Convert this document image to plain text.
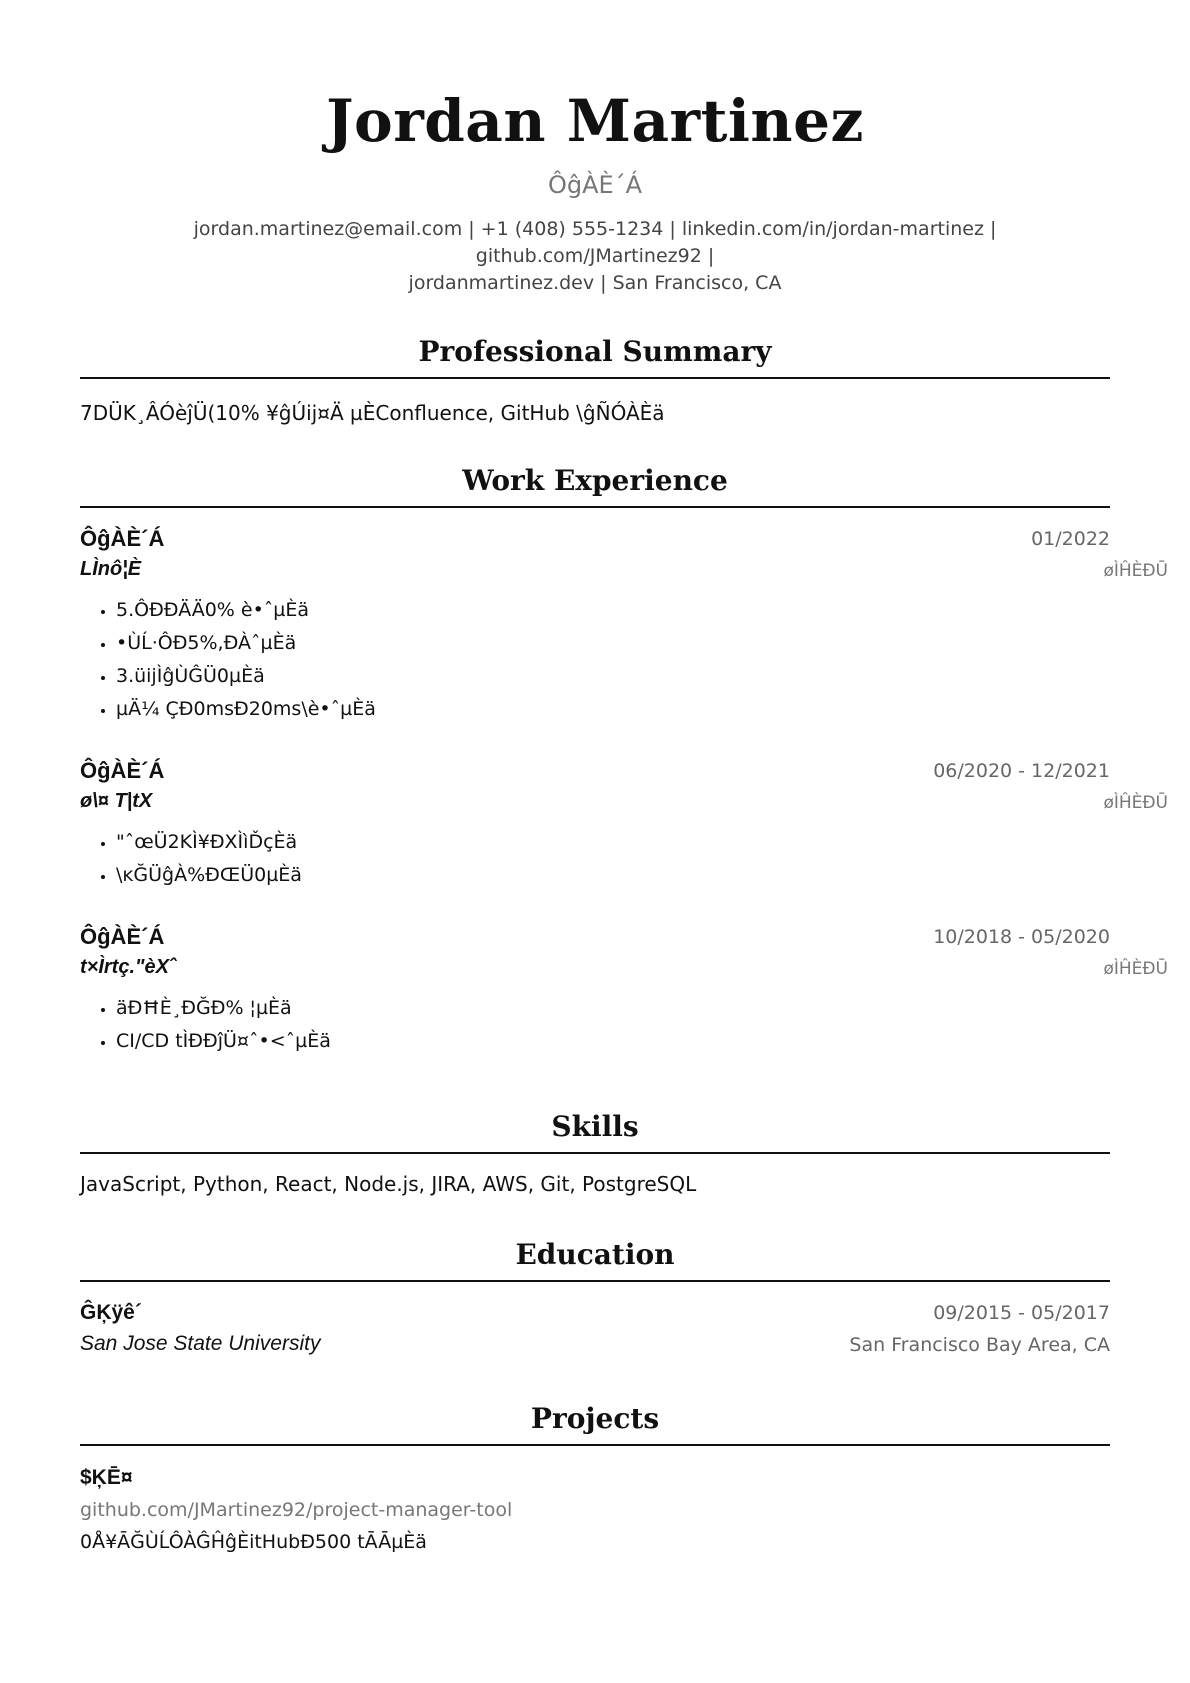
Jordan Martinez
ÔĝÀÈ´Á
jordan.martinez@email.com | +1 (408) 555-1234 | linkedin.com/in/jordan-martinez | github.com/JMartinez92 |
jordanmartinez.dev | San Francisco, CA
Professional Summary
7DÜK¸ÂÓèĵÜ(10% ¥ĝÚĳ¤Ä µÈConfluence, GitHub \ĝÑÓÀÈä
Work Experience
ÔĝÀÈ´Á	01/2022
LÌnô¦È	øÌĤÈÐŪ
• 5.ÔĐĐÄÄ0% è•ˆµÈä
• •ÙĹ·ÔĐ5%,ÐÀˆµÈä
• 3.üĳÌĝÙĜÜ0µÈä
• µÄ¼ ÇĐ0msĐ20ms\è•ˆµÈä
ÔĝÀÈ´Á	06/2020 - 12/2021
ø\¤ T|tX	øÌĤÈÐŪ
• "ˆœÜ2KÌ¥ĐXÌìĎçÈä
• \ĸĞÜĝÀ%ÐŒÜ0µÈä
ÔĝÀÈ´Á	10/2018 - 05/2020
t×Ìrtç."èXˆ	øÌĤÈÐŪ
• äÐĦÈ¸ĐĞĐ% ¦µÈä
• CI/CD tÌĐĐĵÜ¤ˆ•<ˆµÈä
Skills
JavaScript, Python, React, Node.js, JIRA, AWS, Git, PostgreSQL
Education
ĜĶÿê´	09/2015 - 05/2017
San Jose State University	San Francisco Bay Area, CA
Projects
$ĶĒ¤
github.com/JMartinez92/project-manager-tool
0Å¥ĀĞÙĹÔÀĜĤĝÈitHubĐ500 tĀĀµÈä
